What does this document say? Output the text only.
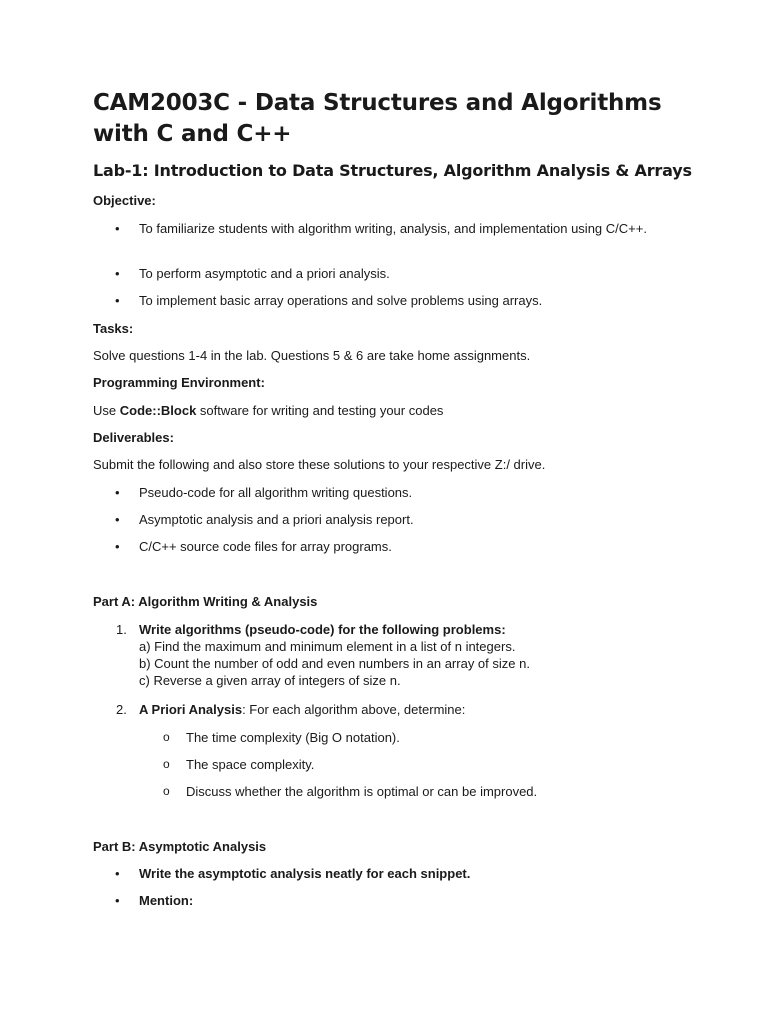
CAM2003C - Data Structures and Algorithms with C and C++
Lab-1: Introduction to Data Structures, Algorithm Analysis & Arrays

Objective:

• To familiarize students with algorithm writing, analysis, and implementation using C/C++.

• To perform asymptotic and a priori analysis.

• To implement basic array operations and solve problems using arrays.

Tasks:

Solve questions 1-4 in the lab. Questions 5 & 6 are take home assignments.

Programming Environment:

Use Code::Block software for writing and testing your codes

Deliverables:

Submit the following and also store these solutions to your respective Z:/ drive.

• Pseudo-code for all algorithm writing questions.

• Asymptotic analysis and a priori analysis report.

• C/C++ source code files for array programs.

Part A: Algorithm Writing & Analysis

1. Write algorithms (pseudo-code) for the following problems:
a) Find the maximum and minimum element in a list of n integers.
b) Count the number of odd and even numbers in an array of size n.
c) Reverse a given array of integers of size n.
2. A Priori Analysis: For each algorithm above, determine:

o The time complexity (Big O notation).
o The space complexity.
o Discuss whether the algorithm is optimal or can be improved.

Part B: Asymptotic Analysis

• Write the asymptotic analysis neatly for each snippet.

• Mention:
